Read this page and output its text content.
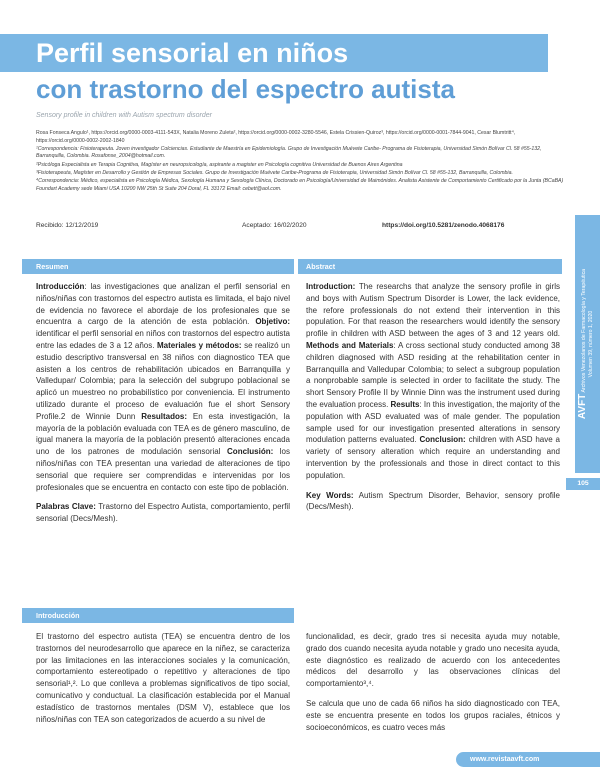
Perfil sensorial en niños
con trastorno del espectro autista
Sensory profile in children with Autism spectrum disorder

Rosa Fonseca Angulo¹, https://orcid.org/0000-0003-4111-543X, Natalia Moreno Zuleta², https://orcid.org/0000-0002-3280-5546, Estela Crissien-Quiroz³, https://orcid.org/0000-0001-7844-9041, Cesar Blumtritt⁴, https://orcid.org/0000-0002-2002-1840

¹Correspondencia: Fisioterapeuta. Joven investigador Colciencias. Estudiante de Maestría en Epidemiología. Grupo de Investigación Muévete Caribe- Programa de Fisioterapia, Universidad Simón Bolívar Cl. 58 #55-132, Barranquilla, Colombia. Rosafonse_2004@hotmail.com.

²Psicóloga Especialista en Terapia Cognitiva, Magíster en neuropsicología, aspirante a magister en Psicología cognitiva Universidad de Buenos Aires Argentina

³Fisioterapeuta, Magíster en Desarrollo y Gestión de Empresas Sociales. Grupo de Investigación Muévete Caribe-Programa de Fisioterapia, Universidad Simón Bolívar Cl. 58 #55-132, Barranquilla, Colombia.

⁴Correspondencia: Médico, especialista en Psicología Médica, Sexología Humana y Sexología Clínica, Doctorado en Psicología/Universidad de Maimónides. Analista Asistente de Comportamiento Certificado por la Junta (BCaBA) Foundart Academy sede Miami USA 10200 NW 25th St Suite 204 Doral, FL 33172 Email: cebett@aol.com.

Recibido: 12/12/2019	Aceptado: 16/02/2020	https://doi.org/10.5281/zenodo.4068176
Resumen	Abstract

Introducción: las investigaciones que analizan el perfil sensorial en niños/niñas con trastornos del espectro autista es limitada, el bajo nivel de evidencia no favorece el abordaje de los profesionales que se encuentra a cargo de la atención de esta población. Objetivo: identificar el perfil sensorial en niños con trastornos del espectro autista entre las edades de 3 a 12 años. Materiales y métodos: se realizó un estudio descriptivo transversal en 38 niños con diagnostico TEA que asisten a los centros de rehabilitación ubicados en Barranquilla y Valledupar/ Colombia; para la selección del subgrupo poblacional se aplicó un muestreo no probabilístico por conveniencia. El instrumento utilizado durante el proceso de evaluación fue el short Sensory Profile.2 de Winnie Dunn Resultados: En esta investigación, la mayoría de la población evaluada con TEA es de género masculino, de igual manera la mayoría de la población presentó alteraciones encada uno de los patrones de modulación sensorial Conclusión: los niños/niñas con TEA presentan una variedad de alteraciones de tipo sensorial que requiere ser comprendidas e intervenidas por los profesionales que se encuentra en contacto con este tipo de población.

Palabras Clave: Trastorno del Espectro Autista, comportamiento, perfil sensorial (Decs/Mesh).

Introduction: The researchs that analyze the sensory profile in girls and boys with Autism Spectrum Disorder is Lower, the lack evidence, the refore professionals do not extend their intervention in this population. For that reason the researchers would identify the sensory profile in children with ASD between the ages of 3 and 12 years old. Methods and Materials: A cross sectional study conducted among 38 children diagnosed with ASD residing at the rehabilitation center in Barranquilla and Valledupar Colombia; to select a subgroup population a nonprobable sample is selected in order to facilitate the study. The short Sensory Profile II by Winnie Dinn was the instrument used during the evaluation process. Results: In this investigation, the majority of the population with ASD evaluated was of male gender. The population sample used for our investigation presented alterations in sensory modulation patterns evaluated. Conclusion: children with ASD have a variety of sensory alteration which require an understanding and intervention by the professionals and those in direct contact to this population.

Key Words: Autism Spectrum Disorder, Behavior, sensory profile (Decs/Mesh).

Introducción

El trastorno del espectro autista (TEA) se encuentra dentro de los trastornos del neurodesarrollo que aparece en la niñez, se caracteriza por las limitaciones en las interacciones sociales y la comunicación, comportamiento estereotipado o repetitivo y alteraciones de tipo sensorial¹,². Lo que conlleva a problemas significativos de tipo social, comunicativo y conductual. La clasificación establecida por el Manual estadístico de trastornos mentales (DSM V), establece que los niños/niñas con TEA son categorizados de acuerdo a su nivel de

funcionalidad, es decir, grado tres si necesita ayuda muy notable, grado dos cuando necesita ayuda notable y grado uno necesita ayuda, este diagnóstico es realizado de acuerdo con los antecedentes médicos del desarrollo y las observaciones clínicas del comportamiento³,⁴.

Se calcula que uno de cada 66 niños ha sido diagnosticado con TEA, este se encuentra presente en todos los grupos raciales, étnicos y socioeconómicos, es cuatro veces más

AVFT Archivos Venezolanos de Farmacología y Terapéutica
Volumen 39, número 1, 2020
105
www.revistaavft.com
